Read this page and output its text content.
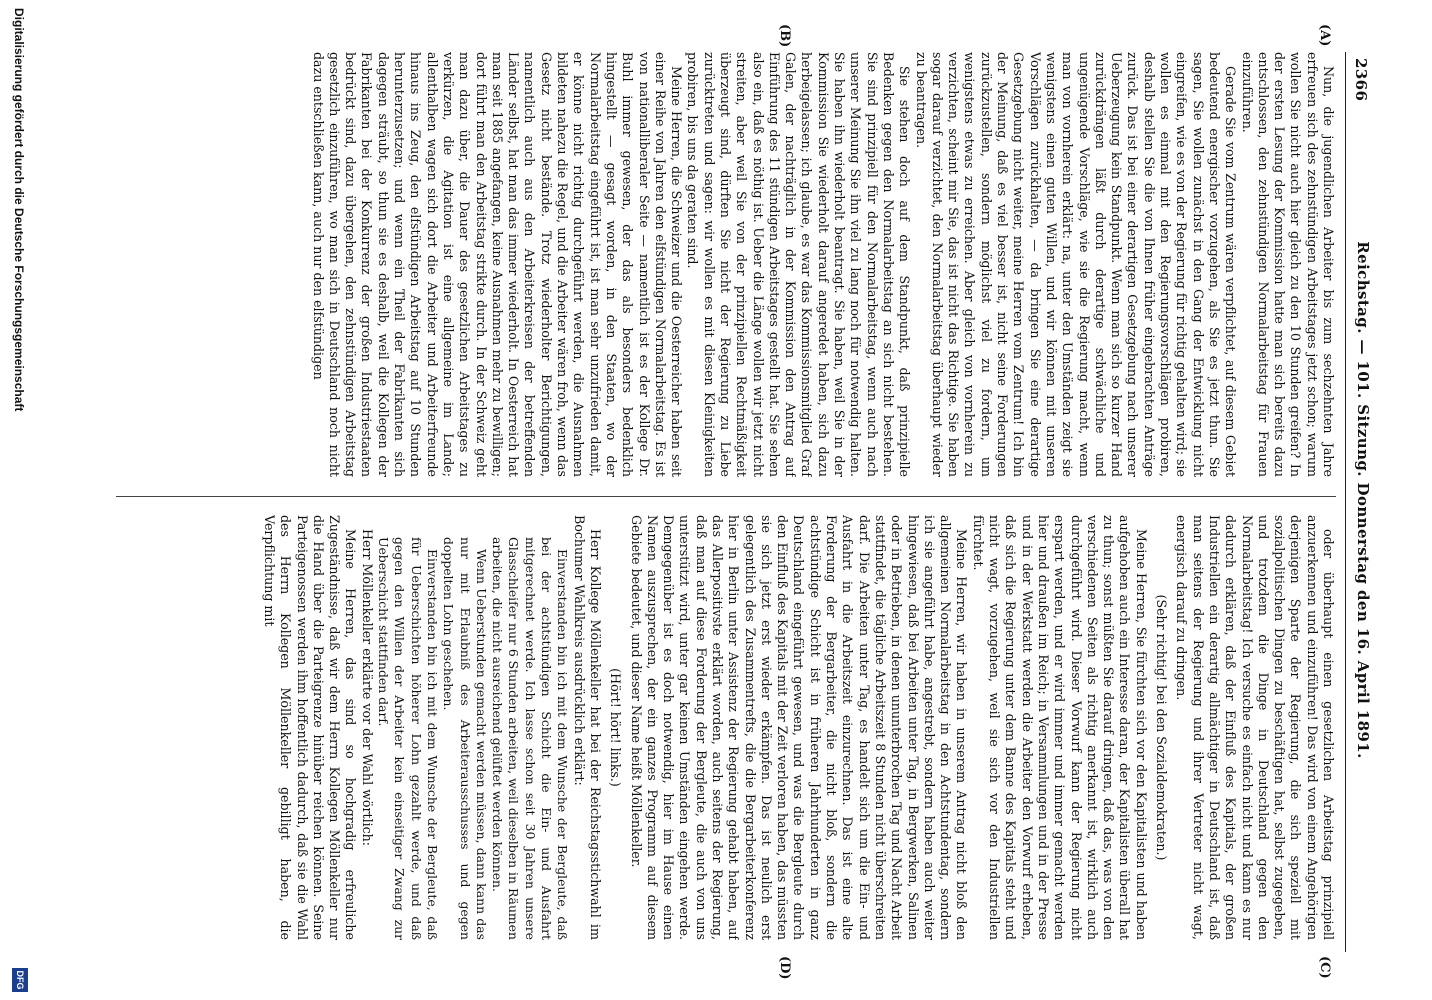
2366
Reichstag. — 101. Sitzung. Donnerstag den 16. April 1891.
(A)
(B)
(C)
(D)

Nun, die jugendlichen Arbeiter bis zum sechzehnten Jahre erfreuen sich des zehnstündigen Arbeitstages jetzt schon; warum wollen Sie nicht auch hier gleich zu den 10 Stunden greifen? In der ersten Lesung der Kommission hatte man sich bereits dazu entschlossen, den zehnstündigen Normalarbeitstag für Frauen einzuführen.

Gerade Sie vom Zentrum wären verpflichtet, auf diesem Gebiet bedeutend energischer vorzugehen, als Sie es jetzt thun. Sie sagen, Sie wollen zunächst in den Gang der Entwicklung nicht eingreifen, wie es von der Regierung für richtig gehalten wird; sie wollen es einmal mit den Regierungsvorschlägen probiren, deshalb stellen Sie die von Ihnen früher eingebrachten Anträge zurück. Das ist bei einer derartigen Gesetzgebung nach unserer Ueberzeugung kein Standpunkt. Wenn man sich so kurzer Hand zurückdrängen läßt durch derartige schwächliche und ungenügende Vorschläge, wie sie die Regierung macht, wenn man von vornherein erklärt: na, unter den Umständen zeigt sie wenigstens einen guten Willen, und wir können mit unseren Vorschlägen zurückhalten, — da bringen Sie eine derartige Gesetzgebung nicht weiter, meine Herren vom Zentrum! Ich bin der Meinung, daß es viel besser ist, nicht seine Forderungen zurückzustellen, sondern möglichst viel zu fordern, um wenigstens etwas zu erreichen. Aber gleich von vornherein zu verzichten, scheint mir Sie, das ist nicht das Richtige. Sie haben sogar darauf verzichtet, den Normalarbeitstag überhaupt wieder zu beantragen.

Sie stehen doch auf dem Standpunkt, daß prinzipielle Bedenken gegen den Normalarbeitstag an sich nicht bestehen. Sie sind prinzipiell für den Normalarbeitstag, wenn auch nach unserer Meinung Sie ihn viel zu lang noch für notwendig halten. Sie haben ihn wiederholt beantragt. Sie haben, weil Sie in der Kommission Sie wiederholt darauf angeredet haben, sich dazu herbeigelassen; ich glaube, es war das Kommissionsmitglied Graf Galen, der nachträglich in der Kommission den Antrag auf Einführung des 11 stündigen Arbeitstages gestellt hat. Sie sehen also ein, daß es nöthig ist. Ueber die Länge wollen wir jetzt nicht streiten, aber weil Sie von der prinzipiellen Rechtmäßigkeit überzeugt sind, dürften Sie nicht der Regierung zu Liebe zurücktreten und sagen: wir wollen es mit diesen Kleinigkeiten probiren, bis uns da geraten sind.

Meine Herren, die Schweizer und die Oesterreicher haben seit einer Reihe von Jahren den elfstündigen Normalarbeitstag. Es ist von nationalliberaler Seite — namentlich ist es der Kollege Dr. Buhl immer gewesen, der das als besonders bedenklich hingestellt — gesagt worden, in den Staaten, wo der Normalarbeitstag eingeführt ist, ist man sehr unzufrieden damit, er könne nicht richtig durchgeführt werden, die Ausnahmen bildeten nahezu die Regel, und die Arbeiter wären froh, wenn das Gesetz nicht bestände. Trotz wiederholter Berichtigungen, namentlich auch aus den Arbeiterkreisen der betreffenden Länder selbst, hat man das immer wiederholt. In Oesterreich hat man seit 1885 angefangen, keine Ausnahmen mehr zu bewilligen; dort führt man den Arbeitstag strikte durch. In der Schweiz geht man dazu über, die Dauer des gesetzlichen Arbeitstages zu verkürzen, die Agitation ist eine allgemeine im Lande; allenthalben wagen sich dort die Arbeiter und Arbeiterfreunde hinaus ins Zeug, den elfstündigen Arbeitstag auf 10 Stunden herunterzusetzen; und wenn ein Theil der Fabrikanten sich dagegen sträubt, so thun sie es deshalb, weil die Kollegen der Fabrikanten bei der Konkurrenz der großen Industriestaaten bedrückt sind, dazu übergehen, den zehnstündigen Arbeitstag gesetzlich einzuführen, wo man sich in Deutschland noch nicht dazu entschließen kann, auch nur den elfstündigen

oder überhaupt einen gesetzlichen Arbeitstag prinzipiell anzuerkennen und einzuführen! Das wird von einem Angehörigen derjenigen Sparte der Regierung, die sich speziell mit sozialpolitischen Dingen zu beschäftigen hat, selbst zugegeben, und trotzdem die Dinge in Deutschland gegen den Normalarbeitstag! Ich versuche es einfach nicht und kann es nur dadurch erklären, daß der Einfluß des Kapitals, der großen Industriellen ein derartig allmächtiger in Deutschland ist, daß man seitens der Regierung und ihrer Vertreter nicht wagt, energisch darauf zu dringen.

(Sehr richtig! bei den Sozialdemokraten.)

Meine Herren, Sie fürchten sich vor den Kapitalisten und haben aufgehoben auch ein Interesse daran, der Kapitalisten überall hat zu thun; sonst müßten Sie darauf dringen, daß das, was von den verschiedenen Seiten als richtig anerkannt ist, wirklich auch durchgeführt wird. Dieser Vorwurf kann der Regierung nicht erspart werden, und er wird immer und immer gemacht werden hier und draußen im Reich; in Versammlungen und in der Presse und in der Werkstatt werden die Arbeiter den Vorwurf erheben, daß sich die Regierung unter dem Banne des Kapitals steht und nicht wagt, vorzugehen, weil sie sich vor den Industriellen fürchtet.

Meine Herren, wir haben in unserem Antrag nicht bloß den allgemeinen Normalarbeitstag in den Achtstundentag, sondern ich sie angeführt habe, angestrebt, sondern haben auch weiter hingewiesen, daß bei Arbeiten unter Tag, in Bergwerken, Salinen oder in Betrieben, in denen ununterbrochen Tag und Nacht Arbeit stattfindet, die tägliche Arbeitszeit 8 Stunden nicht überschreiten darf. Die Arbeiten unter Tag, es handelt sich um die Ein- und Ausfahrt in die Arbeitszeit einzurechnen. Das ist eine alte Forderung der Bergarbeiter, die nicht bloß, sondern die achtstündige Schicht ist in früheren Jahrhunderten in ganz Deutschland eingeführt gewesen, und was die Bergleute durch den Einfluß des Kapitals mit der Zeit verloren haben, das müssten sie sich jetzt erst wieder erkämpfen. Das ist neulich erst gelegentlich des Zusammentrefts, die die Bergarbeiterkonferenz hier in Berlin unter Assistenz der Regierung gehabt haben, auf das Allerpositivste erklärt worden, auch seitens der Regierung, daß man auf diese Forderung der Bergleute, die auch von uns unterstützt wird, unter gar keinen Umständen eingehen werde. Demgegenüber ist es doch notwendig, hier im Hause einen Namen auszusprechen, der ein ganzes Programm auf diesem Gebiete bedeutet, und dieser Name heißt Möllenkeller.

(Hört! hört! links.)

Herr Kollege Möllenkeller hat bei der Reichstagsstichwahl im Bochumer Wahlkreis ausdrücklich erklärt:

Einverstanden bin ich mit dem Wunsche der Bergleute, daß bei der achtstündigen Schicht die Ein- und Ausfahrt mitgerechnet werde. Ich lasse schon seit 30 Jahren unsere Glasschleifer nur 6 Stunden arbeiten, weil dieselben in Räumen arbeiten, die nicht ausreichend gelüftet werden können.

Wenn Ueberstunden gemacht werden müssen, dann kann das nur mit Erlaubniß des Arbeiterausschusses und gegen doppelten Lohn geschehen.

Einverstanden bin ich mit dem Wunsche der Bergleute, daß für Ueberschichten höherer Lohn gezahlt werde, und daß gegen den Willen der Arbeiter kein einseitiger Zwang zur Ueberschicht stattfinden darf.

Herr Möllenkeller erklärte vor der Wahl wörtlich:

Meine Herren, das sind so hochgradig erfreuliche Zugeständnisse, daß wir dem Herrn Kollegen Möllenkeller nur die Hand über die Parteigrenze hinüber reichen können. Seine Parteigenossen werden ihm hoffentlich dadurch, daß sie die Wahl des Herrn Kollegen Möllenkeller gebilligt haben, die Verpflichtung mit

Digitalisierung gefördert durch die Deutsche Forschungsgemeinschaft
DFG
